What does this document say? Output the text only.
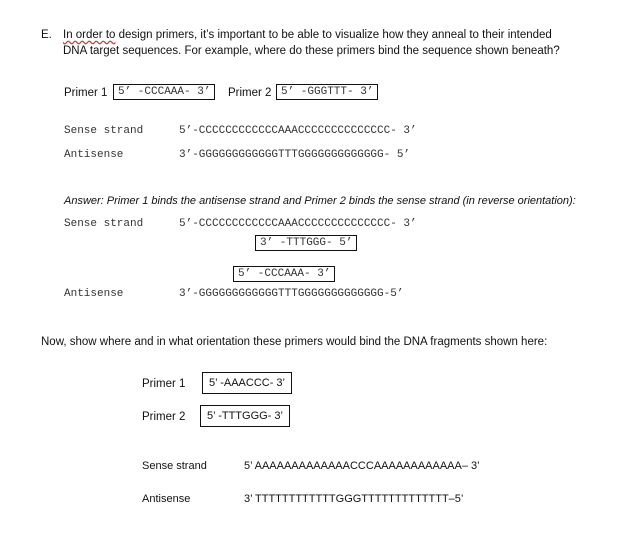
E. In order to design primers, it’s important to be able to visualize how they anneal to their intended
DNA target sequences. For example, where do these primers bind the sequence shown beneath?
Primer 1 5’ -CCCAAA- 3’	Primer 2 5’ -GGGTTT- 3’
Sense strand	5’-CCCCCCCCCCCCAAACCCCCCCCCCCCCC- 3’
Antisense	3’-GGGGGGGGGGGGTTTGGGGGGGGGGGGG- 5’
Answer: Primer 1 binds the antisense strand and Primer 2 binds the sense strand (in reverse orientation):
Sense strand	5’-CCCCCCCCCCCCAAACCCCCCCCCCCCCC- 3’
3’ -TTTGGG- 5’
5’ -CCCAAA- 3’
Antisense	3’-GGGGGGGGGGGGTTTGGGGGGGGGGGGG-5’
Now, show where and in what orientation these primers would bind the DNA fragments shown here:
Primer 1	5’ -AAACCC- 3’
Primer 2	5’ -TTTGGG- 3’
Sense strand	5’ AAAAAAAAAAAAACCCAAAAAAAAAAAA– 3’
Antisense	3’ TTTTTTTTTTTTGGGTTTTTTTTTTTTT–5’
